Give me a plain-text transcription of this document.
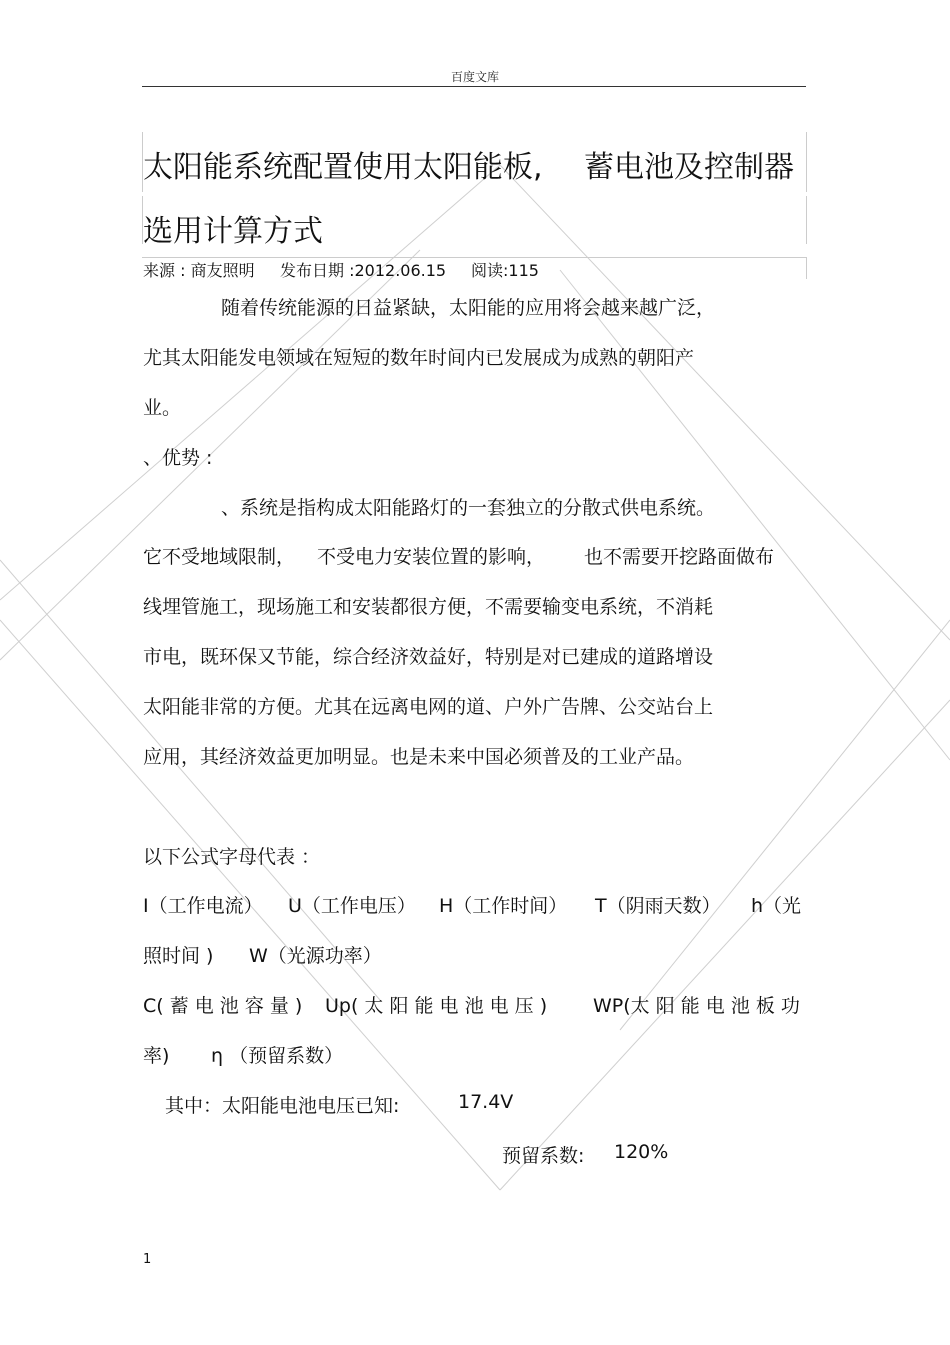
百度文库
太阳能系统配置使用太阳能板, 蓄电池及控制器
选用计算方式
来源 : 商友照明 发布日期 :2012.06.15 阅读:115
随着传统能源的日益紧缺，太阳能的应用将会越来越广泛，
尤其太阳能发电领域在短短的数年时间内已发展成为成熟的朝阳产
业。
、优势 :
、系统是指构成太阳能路灯的一套独立的分散式供电系统。
它不受地域限制， 不受电力安装位置的影响， 也不需要开挖路面做布
线埋管施工，现场施工和安装都很方便，不需要输变电系统，不消耗
市电，既环保又节能，综合经济效益好，特别是对已建成的道路增设
太阳能非常的方便。尤其在远离电网的道、户外广告牌、公交站台上
应用，其经济效益更加明显。也是未来中国必须普及的工业产品。
以下公式字母代表 ：
I（工作电流） U（工作电压） H（工作时间） T（阴雨天数） h（光
照时间 ) W（光源功率）
C( 蓄 电 池 容 量 ) Up( 太 阳 能 电 池 电 压 ) WP(太 阳 能 电 池 板 功
率) η （预留系数）
其中：太阳能电池电压已知:	17.4V
预留系数: 120%
1
